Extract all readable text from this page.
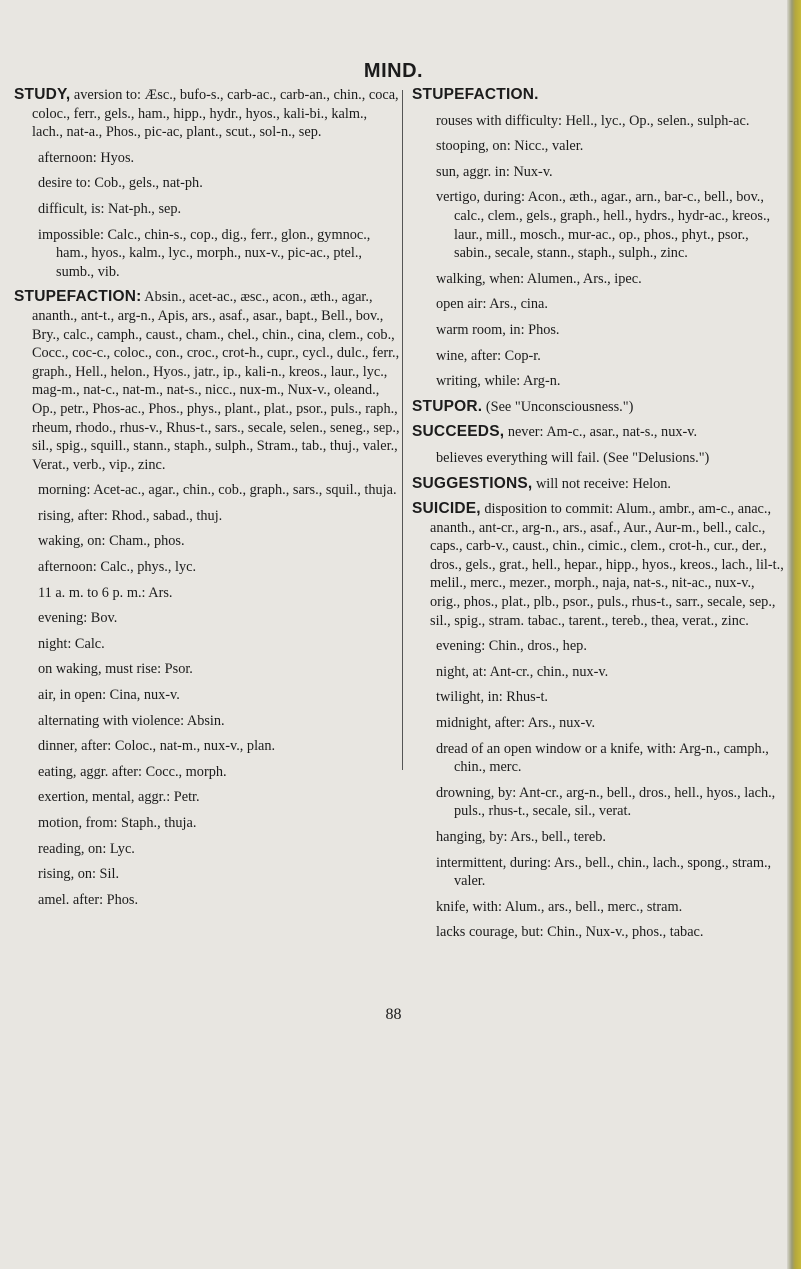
MIND.
STUDY, aversion to: Æsc., bufo-s., carb-ac., carb-an., chin., coca, coloc., ferr., gels., ham., hipp., hydr., hyos., kali-bi., kalm., lach., nat-a., Phos., pic-ac, plant., scut., sol-n., sep.
afternoon: Hyos.
desire to: Cob., gels., nat-ph.
difficult, is: Nat-ph., sep.
impossible: Calc., chin-s., cop., dig., ferr., glon., gymnoc., ham., hyos., kalm., lyc., morph., nux-v., pic-ac., ptel., sumb., vib.
STUPEFACTION: Absin., acet-ac., æsc., acon., æth., agar., ananth., ant-t., arg-n., Apis, ars., asaf., asar., bapt., Bell., bov., Bry., calc., camph., caust., cham., chel., chin., cina, clem., cob., Cocc., coc-c., coloc., con., croc., crot-h., cupr., cycl., dulc., ferr., graph., Hell., helon., Hyos., jatr., ip., kali-n., kreos., laur., lyc., mag-m., nat-c., nat-m., nat-s., nicc., nux-m., Nux-v., oleand., Op., petr., Phos-ac., Phos., phys., plant., plat., psor., puls., raph., rheum, rhodo., rhus-v., Rhus-t., sars., secale, selen., seneg., sep., sil., spig., squill., stann., staph., sulph., Stram., tab., thuj., valer., Verat., verb., vip., zinc.
morning: Acet-ac., agar., chin., cob., graph., sars., squil., thuja.
rising, after: Rhod., sabad., thuj.
waking, on: Cham., phos.
afternoon: Calc., phys., lyc.
11 a. m. to 6 p. m.: Ars.
evening: Bov.
night: Calc.
on waking, must rise: Psor.
air, in open: Cina, nux-v.
alternating with violence: Absin.
dinner, after: Coloc., nat-m., nux-v., plan.
eating, aggr. after: Cocc., morph.
exertion, mental, aggr.: Petr.
motion, from: Staph., thuja.
reading, on: Lyc.
rising, on: Sil.
amel. after: Phos.
STUPEFACTION.
rouses with difficulty: Hell., lyc., Op., selen., sulph-ac.
stooping, on: Nicc., valer.
sun, aggr. in: Nux-v.
vertigo, during: Acon., æth., agar., arn., bar-c., bell., bov., calc., clem., gels., graph., hell., hydrs., hydr-ac., kreos., laur., mill., mosch., mur-ac., op., phos., phyt., psor., sabin., secale, stann., staph., sulph., zinc.
walking, when: Alumen., Ars., ipec.
open air: Ars., cina.
warm room, in: Phos.
wine, after: Cop-r.
writing, while: Arg-n.
STUPOR. (See "Unconsciousness.")
SUCCEEDS, never: Am-c., asar., nat-s., nux-v.
believes everything will fail. (See "Delusions.")
SUGGESTIONS, will not receive: Helon.
SUICIDE, disposition to commit: Alum., ambr., am-c., anac., ananth., ant-cr., arg-n., ars., asaf., Aur., Aur-m., bell., calc., caps., carb-v., caust., chin., cimic., clem., crot-h., cur., der., dros., gels., grat., hell., hepar., hipp., hyos., kreos., lach., lil-t., melil., merc., mezer., morph., naja, nat-s., nit-ac., nux-v., orig., phos., plat., plb., psor., puls., rhus-t., sarr., secale, sep., sil., spig., stram. tabac., tarent., tereb., thea, verat., zinc.
evening: Chin., dros., hep.
night, at: Ant-cr., chin., nux-v.
twilight, in: Rhus-t.
midnight, after: Ars., nux-v.
dread of an open window or a knife, with: Arg-n., camph., chin., merc.
drowning, by: Ant-cr., arg-n., bell., dros., hell., hyos., lach., puls., rhus-t., secale, sil., verat.
hanging, by: Ars., bell., tereb.
intermittent, during: Ars., bell., chin., lach., spong., stram., valer.
knife, with: Alum., ars., bell., merc., stram.
lacks courage, but: Chin., Nux-v., phos., tabac.
88
